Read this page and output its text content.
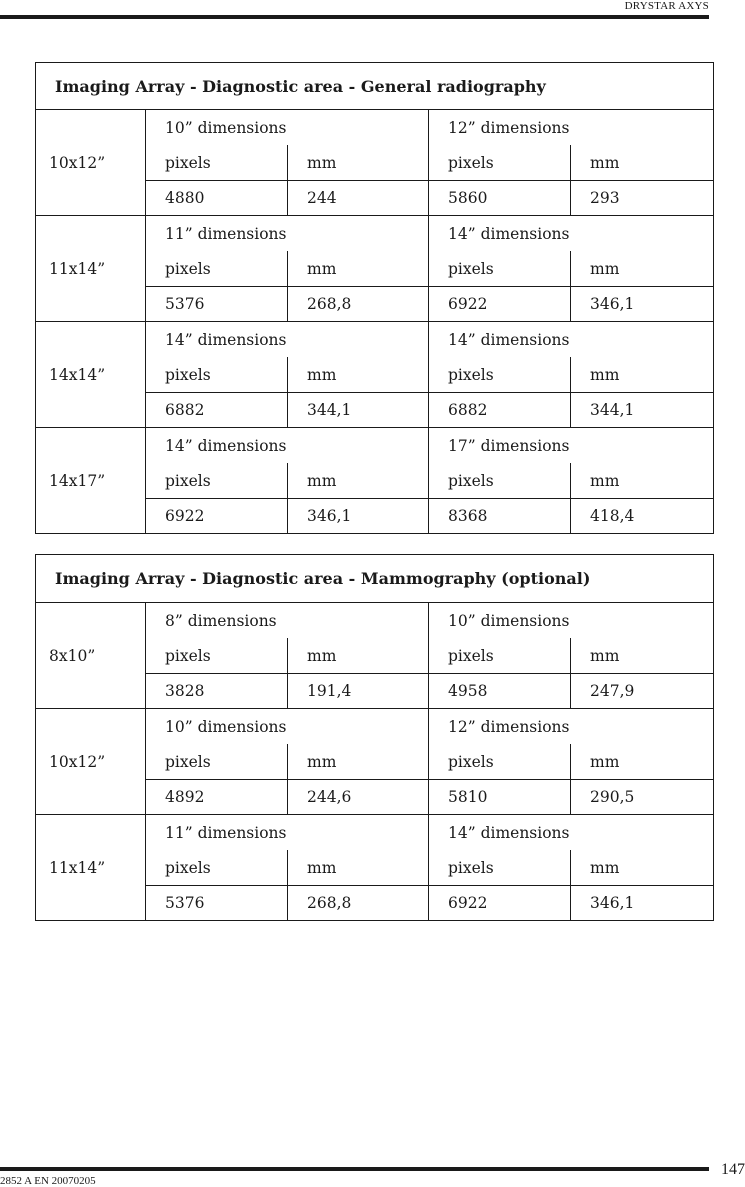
DRYSTAR AXYS
Imaging Array - Diagnostic area - General radiography				
10x12”	10” dimensions		12” dimensions	
	pixels	mm	pixels	mm
	4880	244	5860	293
11x14”	11” dimensions		14” dimensions	
	pixels	mm	pixels	mm
	5376	268,8	6922	346,1
14x14”	14” dimensions		14” dimensions	
	pixels	mm	pixels	mm
	6882	344,1	6882	344,1
14x17”	14” dimensions		17” dimensions	
	pixels	mm	pixels	mm
	6922	346,1	8368	418,4
Imaging Array - Diagnostic area - Mammography (optional)				
8x10”	8” dimensions		10” dimensions	
	pixels	mm	pixels	mm
	3828	191,4	4958	247,9
10x12”	10” dimensions		12” dimensions	
	pixels	mm	pixels	mm
	4892	244,6	5810	290,5
11x14”	11” dimensions		14” dimensions	
	pixels	mm	pixels	mm
	5376	268,8	6922	346,1
2852 A EN 20070205
147
